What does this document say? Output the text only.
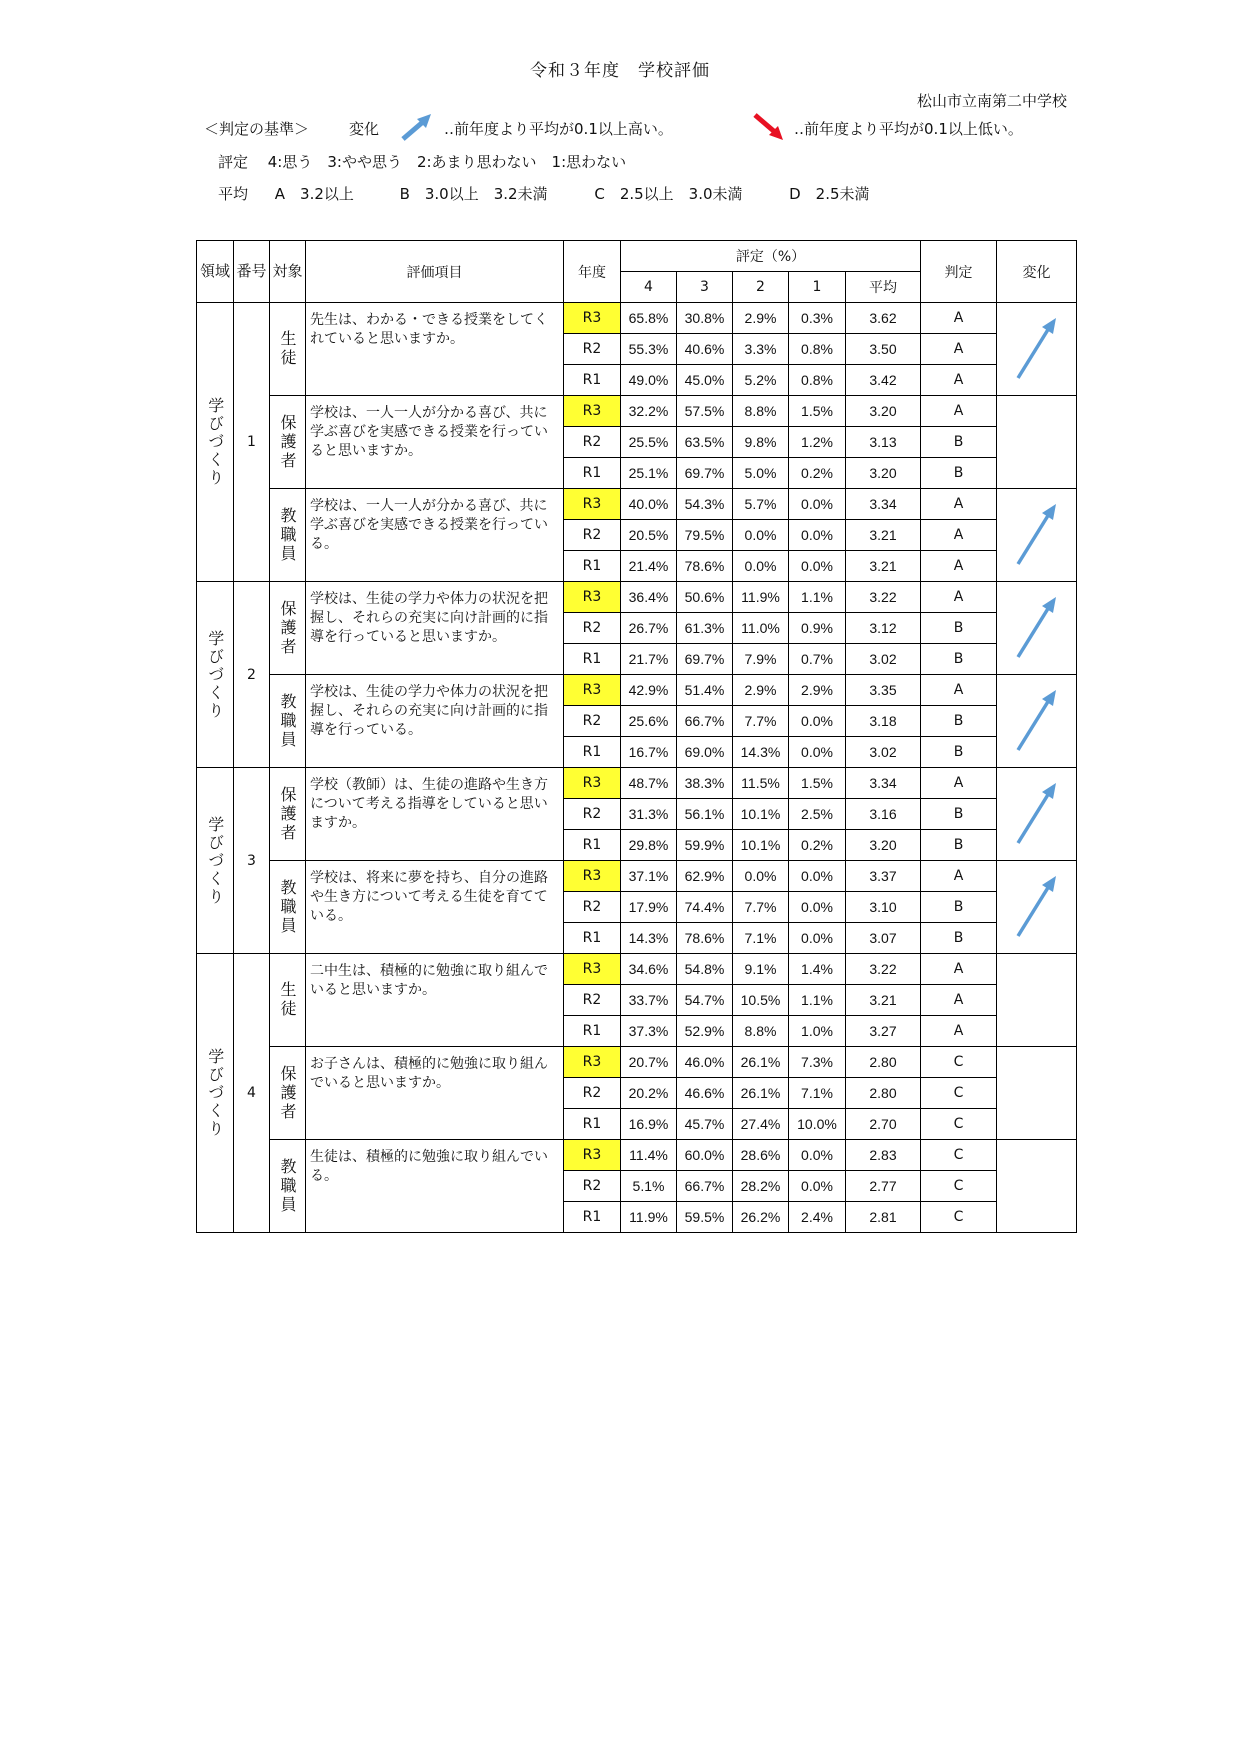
令和３年度　学校評価
松山市立南第二中学校
＜判定の基準＞	変化	‥前年度より平均が0.1以上高い。	‥前年度より平均が0.1以上低い。
評定　 4:思う　3:やや思う　2:あまり思わない　1:思わない
平均 A　3.2以上	B　3.0以上　3.2未満	C　2.5以上　3.0未満	D　2.5未満
領域	番号	対象	評価項目	年度	評定（%）					判定	変化
					4	3	2	1	平均		

学びづくり	1	生徒	先生は、わかる・できる授業をしてくれていると思いますか。	R3	65.8%	30.8%	2.9%	0.3%	3.62	A	

				R2	55.3%	40.6%	3.3%	0.8%	3.50	A	
				R1	49.0%	45.0%	5.2%	0.8%	3.42	A	

		保護者	学校は、一人一人が分かる喜び、共に学ぶ喜びを実感できる授業を行っていると思いますか。	R3	32.2%	57.5%	8.8%	1.5%	3.20	A	
				R2	25.5%	63.5%	9.8%	1.2%	3.13	B	
				R1	25.1%	69.7%	5.0%	0.2%	3.20	B	

		教職員	学校は、一人一人が分かる喜び、共に学ぶ喜びを実感できる授業を行っている。	R3	40.0%	54.3%	5.7%	0.0%	3.34	A	

				R2	20.5%	79.5%	0.0%	0.0%	3.21	A	
				R1	21.4%	78.6%	0.0%	0.0%	3.21	A	

学びづくり	2	保護者	学校は、生徒の学力や体力の状況を把握し、それらの充実に向け計画的に指導を行っていると思いますか。	R3	36.4%	50.6%	11.9%	1.1%	3.22	A	

				R2	26.7%	61.3%	11.0%	0.9%	3.12	B	
				R1	21.7%	69.7%	7.9%	0.7%	3.02	B	

		教職員	学校は、生徒の学力や体力の状況を把握し、それらの充実に向け計画的に指導を行っている。	R3	42.9%	51.4%	2.9%	2.9%	3.35	A	

				R2	25.6%	66.7%	7.7%	0.0%	3.18	B	
				R1	16.7%	69.0%	14.3%	0.0%	3.02	B	

学びづくり	3	保護者	学校（教師）は、生徒の進路や生き方について考える指導をしていると思いますか。	R3	48.7%	38.3%	11.5%	1.5%	3.34	A	

				R2	31.3%	56.1%	10.1%	2.5%	3.16	B	
				R1	29.8%	59.9%	10.1%	0.2%	3.20	B	

		教職員	学校は、将来に夢を持ち、自分の進路や生き方について考える生徒を育てている。	R3	37.1%	62.9%	0.0%	0.0%	3.37	A	

				R2	17.9%	74.4%	7.7%	0.0%	3.10	B	
				R1	14.3%	78.6%	7.1%	0.0%	3.07	B	

学びづくり	4	生徒	二中生は、積極的に勉強に取り組んでいると思いますか。	R3	34.6%	54.8%	9.1%	1.4%	3.22	A	
				R2	33.7%	54.7%	10.5%	1.1%	3.21	A	
				R1	37.3%	52.9%	8.8%	1.0%	3.27	A	

		保護者	お子さんは、積極的に勉強に取り組んでいると思いますか。	R3	20.7%	46.0%	26.1%	7.3%	2.80	C	
				R2	20.2%	46.6%	26.1%	7.1%	2.80	C	
				R1	16.9%	45.7%	27.4%	10.0%	2.70	C	

		教職員	生徒は、積極的に勉強に取り組んでいる。	R3	11.4%	60.0%	28.6%	0.0%	2.83	C	
				R2	5.1%	66.7%	28.2%	0.0%	2.77	C	
				R1	11.9%	59.5%	26.2%	2.4%	2.81	C	
